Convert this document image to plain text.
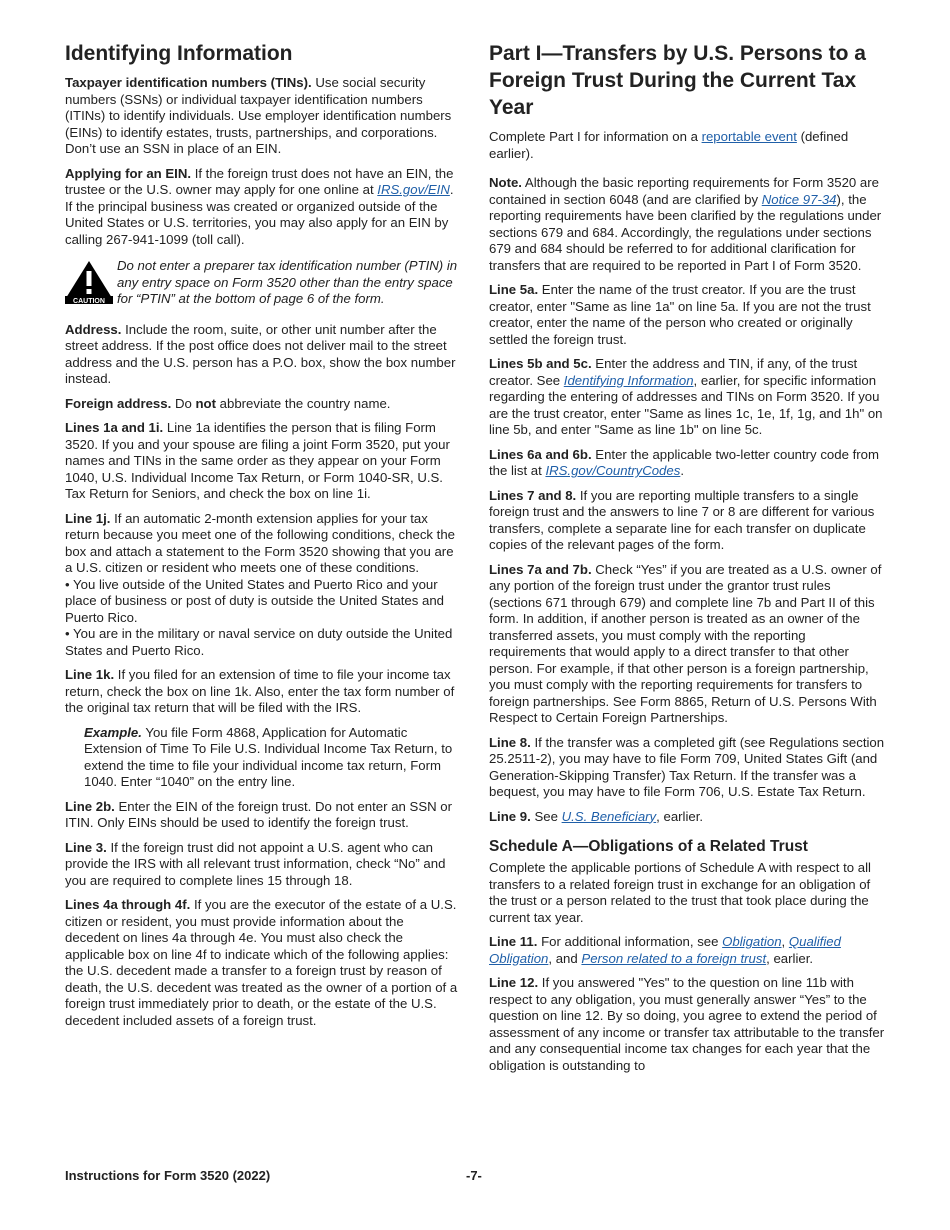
Identifying Information

Taxpayer identification numbers (TINs). Use social security numbers (SSNs) or individual taxpayer identification numbers (ITINs) to identify individuals. Use employer identification numbers (EINs) to identify estates, trusts, partnerships, and corporations. Don’t use an SSN in place of an EIN.

Applying for an EIN. If the foreign trust does not have an EIN, the trustee or the U.S. owner may apply for one online at IRS.gov/EIN. If the principal business was created or organized outside of the United States or U.S. territories, you may also apply for an EIN by calling 267-941-1099 (toll call).

CAUTION
Do not enter a preparer tax identification number (PTIN) in any entry space on Form 3520 other than the entry space for “PTIN” at the bottom of page 6 of the form.

Address. Include the room, suite, or other unit number after the street address. If the post office does not deliver mail to the street address and the U.S. person has a P.O. box, show the box number instead.

Foreign address. Do not abbreviate the country name.

Lines 1a and 1i. Line 1a identifies the person that is filing Form 3520. If you and your spouse are filing a joint Form 3520, put your names and TINs in the same order as they appear on your Form 1040, U.S. Individual Income Tax Return, or Form 1040-SR, U.S. Tax Return for Seniors, and check the box on line 1i.

Line 1j. If an automatic 2-month extension applies for your tax return because you meet one of the following conditions, check the box and attach a statement to the Form 3520 showing that you are a U.S. citizen or resident who meets one of these conditions.

• You live outside of the United States and Puerto Rico and your place of business or post of duty is outside the United States and Puerto Rico.

• You are in the military or naval service on duty outside the United States and Puerto Rico.

Line 1k. If you filed for an extension of time to file your income tax return, check the box on line 1k. Also, enter the tax form number of the original tax return that will be filed with the IRS.

Example. You file Form 4868, Application for Automatic Extension of Time To File U.S. Individual Income Tax Return, to extend the time to file your individual income tax return, Form 1040. Enter “1040” on the entry line.

Line 2b. Enter the EIN of the foreign trust. Do not enter an SSN or ITIN. Only EINs should be used to identify the foreign trust.

Line 3. If the foreign trust did not appoint a U.S. agent who can provide the IRS with all relevant trust information, check “No” and you are required to complete lines 15 through 18.

Lines 4a through 4f. If you are the executor of the estate of a U.S. citizen or resident, you must provide information about the decedent on lines 4a through 4e. You must also check the applicable box on line 4f to indicate which of the following applies: the U.S. decedent made a transfer to a foreign trust by reason of death, the U.S. decedent was treated as the owner of a portion of a foreign trust immediately prior to death, or the estate of the U.S. decedent included assets of a foreign trust.

Part I—Transfers by U.S. Persons to a Foreign Trust During the Current Tax Year

Complete Part I for information on a reportable event (defined earlier).

Note. Although the basic reporting requirements for Form 3520 are contained in section 6048 (and are clarified by Notice 97-34), the reporting requirements have been clarified by the regulations under sections 679 and 684. Accordingly, the regulations under sections 679 and 684 should be referred to for additional clarification for transfers that are required to be reported in Part I of Form 3520.

Line 5a. Enter the name of the trust creator. If you are the trust creator, enter "Same as line 1a" on line 5a. If you are not the trust creator, enter the name of the person who created or originally settled the foreign trust.

Lines 5b and 5c. Enter the address and TIN, if any, of the trust creator. See Identifying Information, earlier, for specific information regarding the entering of addresses and TINs on Form 3520. If you are the trust creator, enter "Same as lines 1c, 1e, 1f, 1g, and 1h" on line 5b, and enter "Same as line 1b" on line 5c.

Lines 6a and 6b. Enter the applicable two-letter country code from the list at IRS.gov/CountryCodes.

Lines 7 and 8. If you are reporting multiple transfers to a single foreign trust and the answers to line 7 or 8 are different for various transfers, complete a separate line for each transfer on duplicate copies of the relevant pages of the form.

Lines 7a and 7b. Check “Yes” if you are treated as a U.S. owner of any portion of the foreign trust under the grantor trust rules (sections 671 through 679) and complete line 7b and Part II of this form. In addition, if another person is treated as an owner of the transferred assets, you must comply with the reporting requirements that would apply to a direct transfer to that other person. For example, if that other person is a foreign partnership, you must comply with the reporting requirements for transfers to foreign partnerships. See Form 8865, Return of U.S. Persons With Respect to Certain Foreign Partnerships.

Line 8. If the transfer was a completed gift (see Regulations section 25.2511-2), you may have to file Form 709, United States Gift (and Generation-Skipping Transfer) Tax Return. If the transfer was a bequest, you may have to file Form 706, U.S. Estate Tax Return.

Line 9. See U.S. Beneficiary, earlier.

Schedule A—Obligations of a Related Trust

Complete the applicable portions of Schedule A with respect to all transfers to a related foreign trust in exchange for an obligation of the trust or a person related to the trust that took place during the current tax year.

Line 11. For additional information, see Obligation, Qualified Obligation, and Person related to a foreign trust, earlier.

Line 12. If you answered "Yes" to the question on line 11b with respect to any obligation, you must generally answer “Yes” to the question on line 12. By so doing, you agree to extend the period of assessment of any income or transfer tax attributable to the transfer and any consequential income tax changes for each year that the obligation is outstanding to

Instructions for Form 3520 (2022)	-7-
